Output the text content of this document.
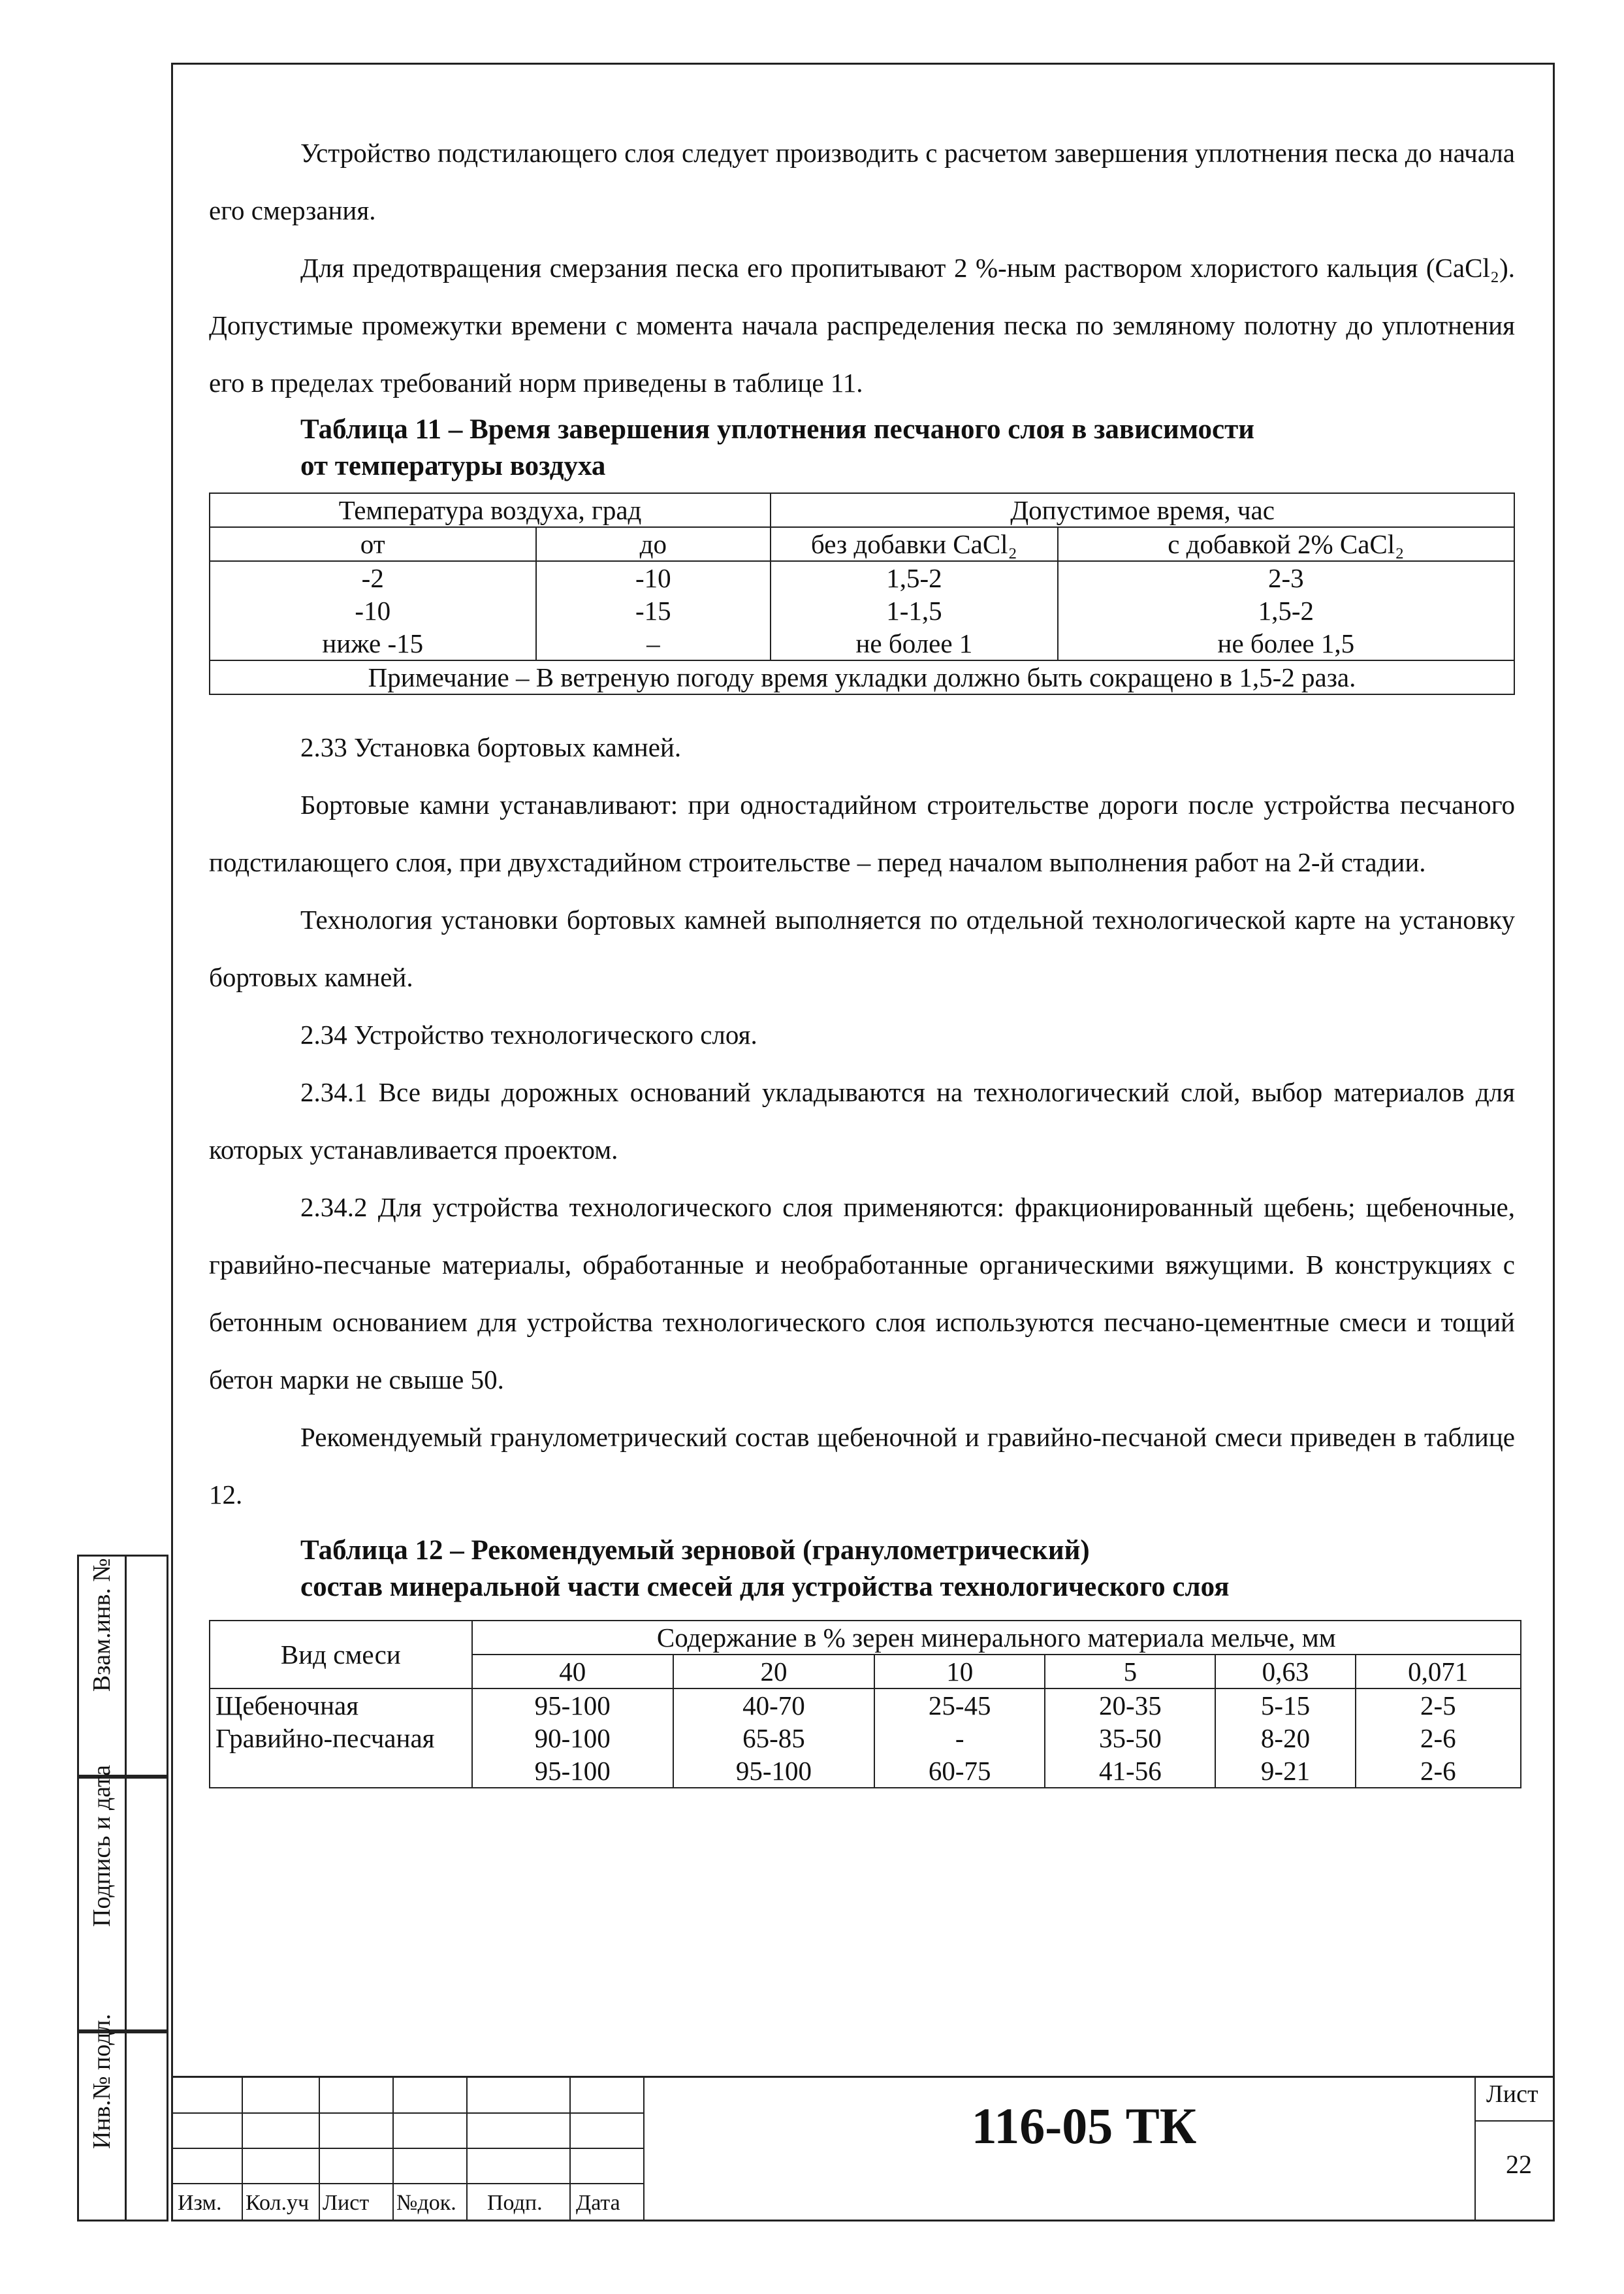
Устройство подстилающего слоя следует производить с расчетом завершения уплотнения песка до начала его смерзания.

Для предотвращения смерзания песка его пропитывают 2 %-ным раствором хлористого кальция (CaCl₂). Допустимые промежутки времени с момента начала распределения песка по земляному полотну до уплотнения его в пределах требований норм приведены в таблице 11.

Таблица 11 – Время завершения уплотнения песчаного слоя в зависимости
от температуры воздуха
Температура воздуха, град		Допустимое время, час	
от	до	без добавки CaCl₂	с добавкой 2% CaCl₂
-2	-10	1,5-2	2-3
-10	-15	1-1,5	1,5-2
ниже -15	–	не более 1	не более 1,5
Примечание – В ветреную погоду время укладки должно быть сокращено в 1,5-2 раза.			

2.33 Установка бортовых камней.

Бортовые камни устанавливают: при одностадийном строительстве дороги после устройства песчаного подстилающего слоя, при двухстадийном строительстве – перед началом выполнения работ на 2-й стадии.

Технология установки бортовых камней выполняется по отдельной технологической карте на установку бортовых камней.

2.34 Устройство технологического слоя.

2.34.1 Все виды дорожных оснований укладываются на технологический слой, выбор материалов для которых устанавливается проектом.

2.34.2 Для устройства технологического слоя применяются: фракционированный щебень; щебеночные, гравийно-песчаные материалы, обработанные и необработанные органическими вяжущими. В конструкциях с бетонным основанием для устройства технологического слоя используются песчано-цементные смеси и тощий бетон марки не свыше 50.

Рекомендуемый гранулометрический состав щебеночной и гравийно-песчаной смеси приведен в таблице 12.

Таблица 12 – Рекомендуемый зерновой (гранулометрический)
состав минеральной части смесей для устройства технологического слоя
Вид смеси	Содержание в % зерен минерального материала мельче, мм					
	40	20	10	5	0,63	0,071
Щебеночная	95-100	40-70	25-45	20-35	5-15	2-5
Гравийно-песчаная	90-100	65-85	-	35-50	8-20	2-6
	95-100	95-100	60-75	41-56	9-21	2-6
Взам.инв. №
Подпись и дата
Инв.№ подл.
Изм. Кол.уч Лист №док. Подп. Дата
116-05 ТК
Лист
22
